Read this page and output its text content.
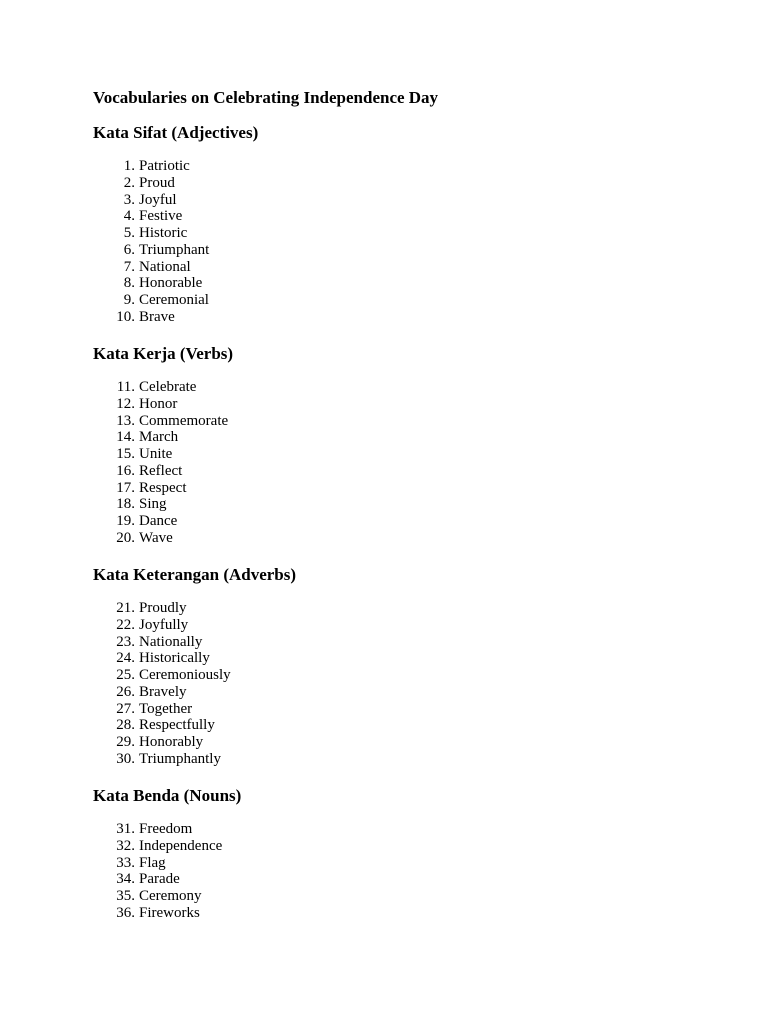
Vocabularies on Celebrating Independence Day
Kata Sifat (Adjectives)
1. Patriotic
2. Proud
3. Joyful
4. Festive
5. Historic
6. Triumphant
7. National
8. Honorable
9. Ceremonial
10. Brave
Kata Kerja (Verbs)
11. Celebrate
12. Honor
13. Commemorate
14. March
15. Unite
16. Reflect
17. Respect
18. Sing
19. Dance
20. Wave
Kata Keterangan (Adverbs)
21. Proudly
22. Joyfully
23. Nationally
24. Historically
25. Ceremoniously
26. Bravely
27. Together
28. Respectfully
29. Honorably
30. Triumphantly
Kata Benda (Nouns)
31. Freedom
32. Independence
33. Flag
34. Parade
35. Ceremony
36. Fireworks
